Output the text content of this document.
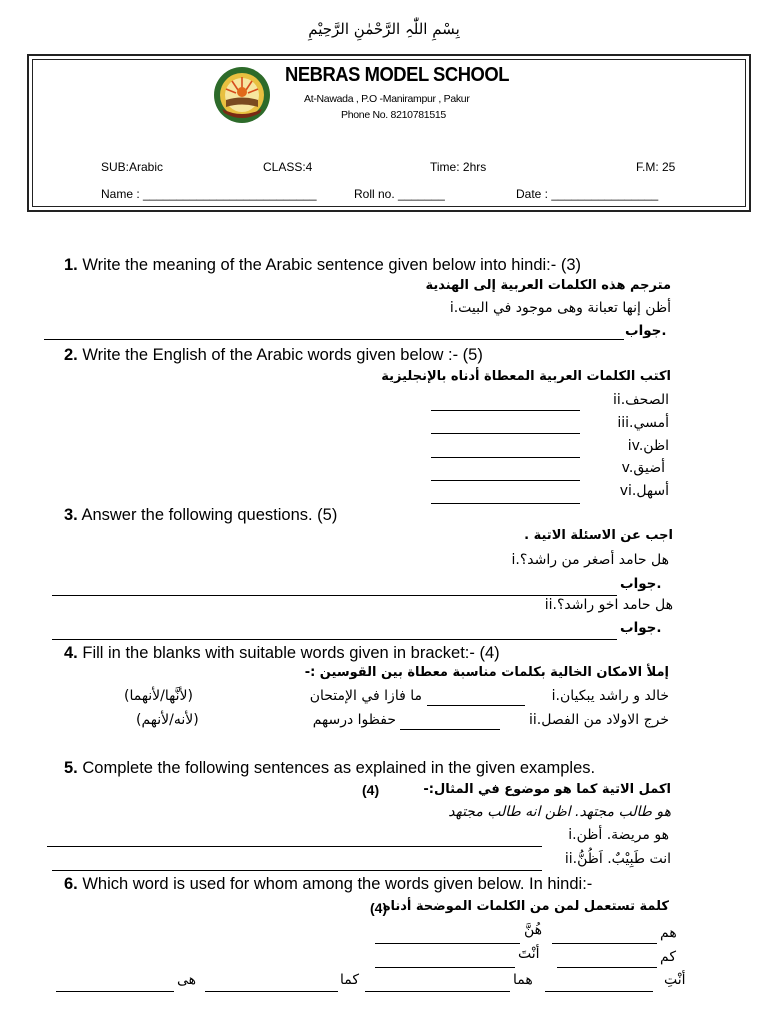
بِسْمِ اللّٰہِ الرَّحْمٰنِ الرَّحِیْمِ
NEBRAS MODEL SCHOOL
At-Nawada , P.O -Manirampur , Pakur
Phone No. 8210781515
SUB:Arabic	CLASS:4	Time: 2hrs	F.M: 25
Name : __________________________	Roll no. _______	Date : ________________
1. Write the meaning of the Arabic sentence given below into hindi:- (3)
مترجم هذه الكلمات العربية إلى الهندية
i.أظن إنها تعبانة وهى موجود في البيت
جواب.
2. Write the English of the Arabic words given below :- (5)
اكتب الكلمات العربية المعطاة أدناه بالإنجليزية
ii.الصحف
iii.أمسي
iv.اظن
v.أضيق
vi.أسهل
3. Answer the following questions. (5)
اجب عن الاسئلة الاتية .
i.هل حامد أصغر من راشد؟
جواب.
ii.هل حامد اخو راشد؟
جواب.
4. Fill in the blanks with suitable words given in bracket:- (4)
إملأ الامكان الخالية بكلمات مناسبة معطاة بين القوسين :-
i.خالد و راشد يبكيان
ما فازا في الإمتحان
(لأنَّها/لأنهما)
ii.خرج الاولاد من الفصل
حفظوا درسهم
(لأنه/لأنهم)
5. Complete the following sentences as explained in the given examples.
اكمل الاتية كما هو موضوع في المثال:-
(4)
هو طالب مجتهد. اظن انه طالب مجتهد
i.هو مريضة. أظن
ii.انت طَبِيْبٌ. اَظُنُّ
6. Which word is used for whom among the words given below. In hindi:-
كلمة تستعمل لمن من الكلمات الموضحة أدناه
(4)
هم
هُنَّ
كم
أنْتَ
أنْتِ
هما
كما
هى
